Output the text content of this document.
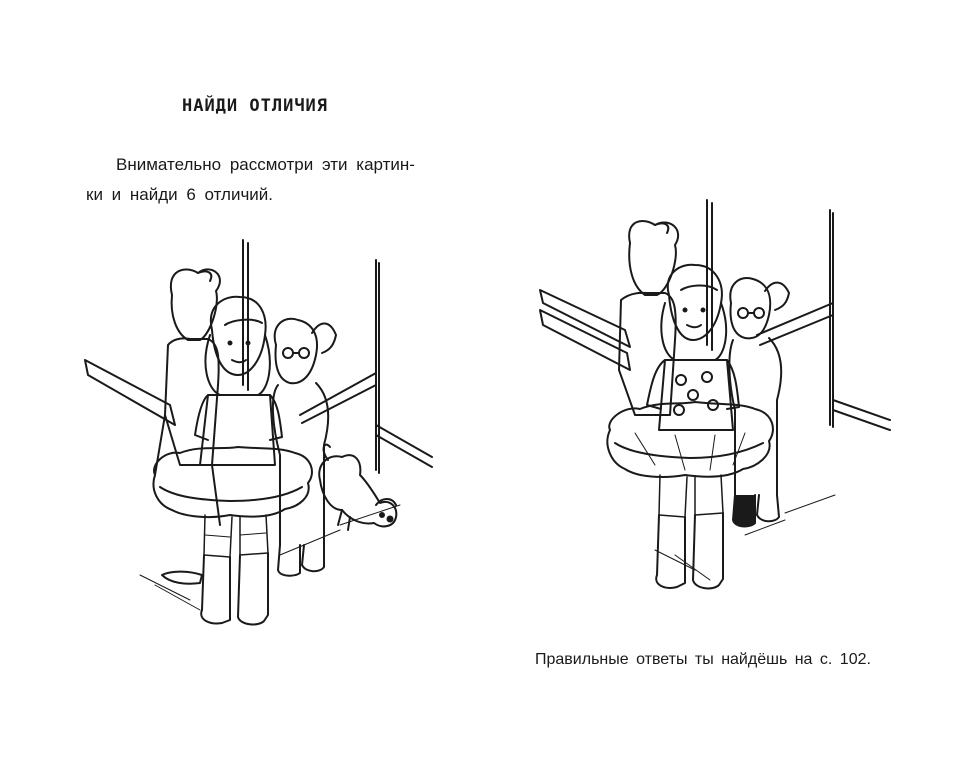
НАЙДИ ОТЛИЧИЯ
Внимательно рассмотри эти картин-
ки и найди 6 отличий.
Правильные ответы ты найдёшь на с. 102.
